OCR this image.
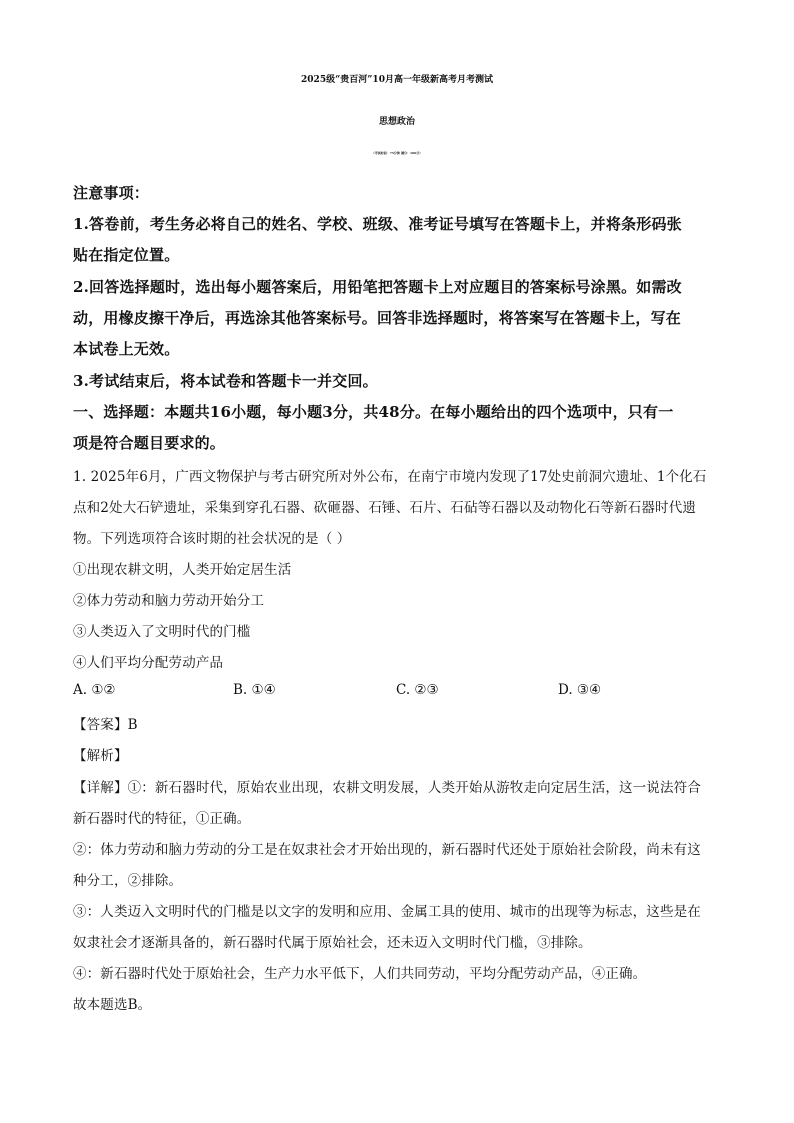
2025级“贵百河”10月高一年级新高考月考测试
思想政治
（考试时间：75分钟 满分：100分）
注意事项：
1.答卷前，考生务必将自己的姓名、学校、班级、准考证号填写在答题卡上，并将条形码张
贴在指定位置。
2.回答选择题时，选出每小题答案后，用铅笔把答题卡上对应题目的答案标号涂黑。如需改
动，用橡皮擦干净后，再选涂其他答案标号。回答非选择题时，将答案写在答题卡上，写在
本试卷上无效。
3.考试结束后，将本试卷和答题卡一并交回。
一、选择题：本题共16小题，每小题3分，共48分。在每小题给出的四个选项中，只有一
项是符合题目要求的。
1. 2025年6月，广西文物保护与考古研究所对外公布，在南宁市境内发现了17处史前洞穴遗址、1个化石
点和2处大石铲遗址，采集到穿孔石器、砍砸器、石锤、石片、石砧等石器以及动物化石等新石器时代遗
物。下列选项符合该时期的社会状况的是（ ）
①出现农耕文明，人类开始定居生活
②体力劳动和脑力劳动开始分工
③人类迈入了文明时代的门槛
④人们平均分配劳动产品
A. ①②	B. ①④	C. ②③	D. ③④
【答案】B
【解析】
【详解】①：新石器时代，原始农业出现，农耕文明发展，人类开始从游牧走向定居生活，这一说法符合
新石器时代的特征，①正确。
②：体力劳动和脑力劳动的分工是在奴隶社会才开始出现的，新石器时代还处于原始社会阶段，尚未有这
种分工，②排除。
③：人类迈入文明时代的门槛是以文字的发明和应用、金属工具的使用、城市的出现等为标志，这些是在
奴隶社会才逐渐具备的，新石器时代属于原始社会，还未迈入文明时代门槛，③排除。
④：新石器时代处于原始社会，生产力水平低下，人们共同劳动，平均分配劳动产品，④正确。
故本题选B。
